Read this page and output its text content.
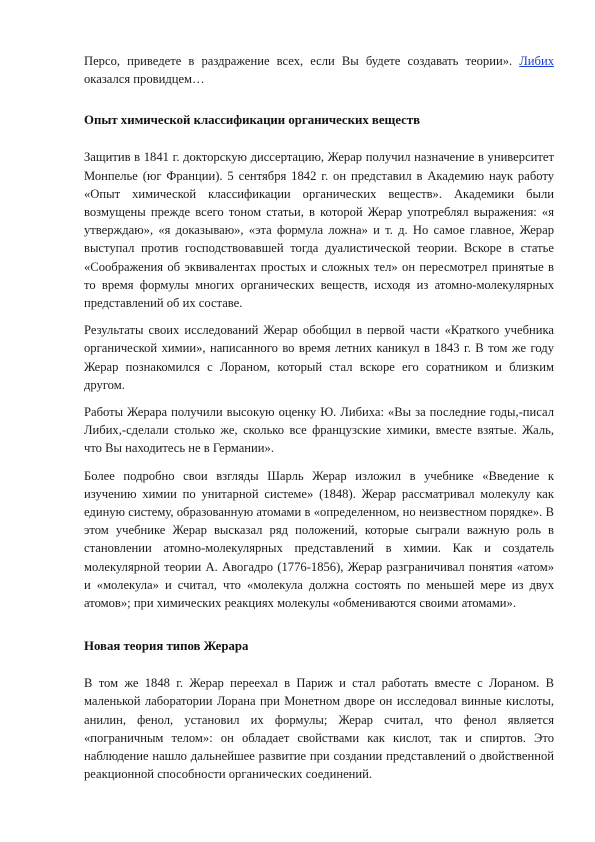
Персо, приведете в раздражение всех, если Вы будете создавать теории». Либих оказался провидцем…

Опыт химической классификации органических веществ

Защитив в 1841 г. докторскую диссертацию, Жерар получил назначение в университет Монпелье (юг Франции). 5 сентября 1842 г. он представил в Академию наук работу «Опыт химической классификации органических веществ». Академики были возмущены прежде всего тоном статьи, в которой Жерар употреблял выражения: «я утверждаю», «я доказываю», «эта формула ложна» и т. д. Но самое главное, Жерар выступал против господствовавшей тогда дуалистической теории. Вскоре в статье «Соображения об эквивалентах простых и сложных тел» он пересмотрел принятые в то время формулы многих органических веществ, исходя из атомно-молекулярных представлений об их составе.

Результаты своих исследований Жерар обобщил в первой части «Краткого учебника органической химии», написанного во время летних каникул в 1843 г. В том же году Жерар познакомился с Лораном, который стал вскоре его соратником и близким другом.

Работы Жерара получили высокую оценку Ю. Либиха: «Вы за последние годы,-писал Либих,-сделали столько же, сколько все французские химики, вместе взятые. Жаль, что Вы находитесь не в Германии».

Более подробно свои взгляды Шарль Жерар изложил в учебнике «Введение к изучению химии по унитарной системе» (1848). Жерар рассматривал молекулу как единую систему, образованную атомами в «определенном, но неизвестном порядке». В этом учебнике Жерар высказал ряд положений, которые сыграли важную роль в становлении атомно-молекулярных представлений в химии. Как и создатель молекулярной теории А. Авогадро (1776-1856), Жерар разграничивал понятия «атом» и «молекула» и считал, что «молекула должна состоять по меньшей мере из двух атомов»; при химических реакциях молекулы «обмениваются своими атомами».

Новая теория типов Жерара

В том же 1848 г. Жерар переехал в Париж и стал работать вместе с Лораном. В маленькой лаборатории Лорана при Монетном дворе он исследовал винные кислоты, анилин, фенол, установил их формулы; Жерар считал, что фенол является «пограничным телом»: он обладает свойствами как кислот, так и спиртов. Это наблюдение нашло дальнейшее развитие при создании представлений о двойственной реакционной способности органических соединений.
